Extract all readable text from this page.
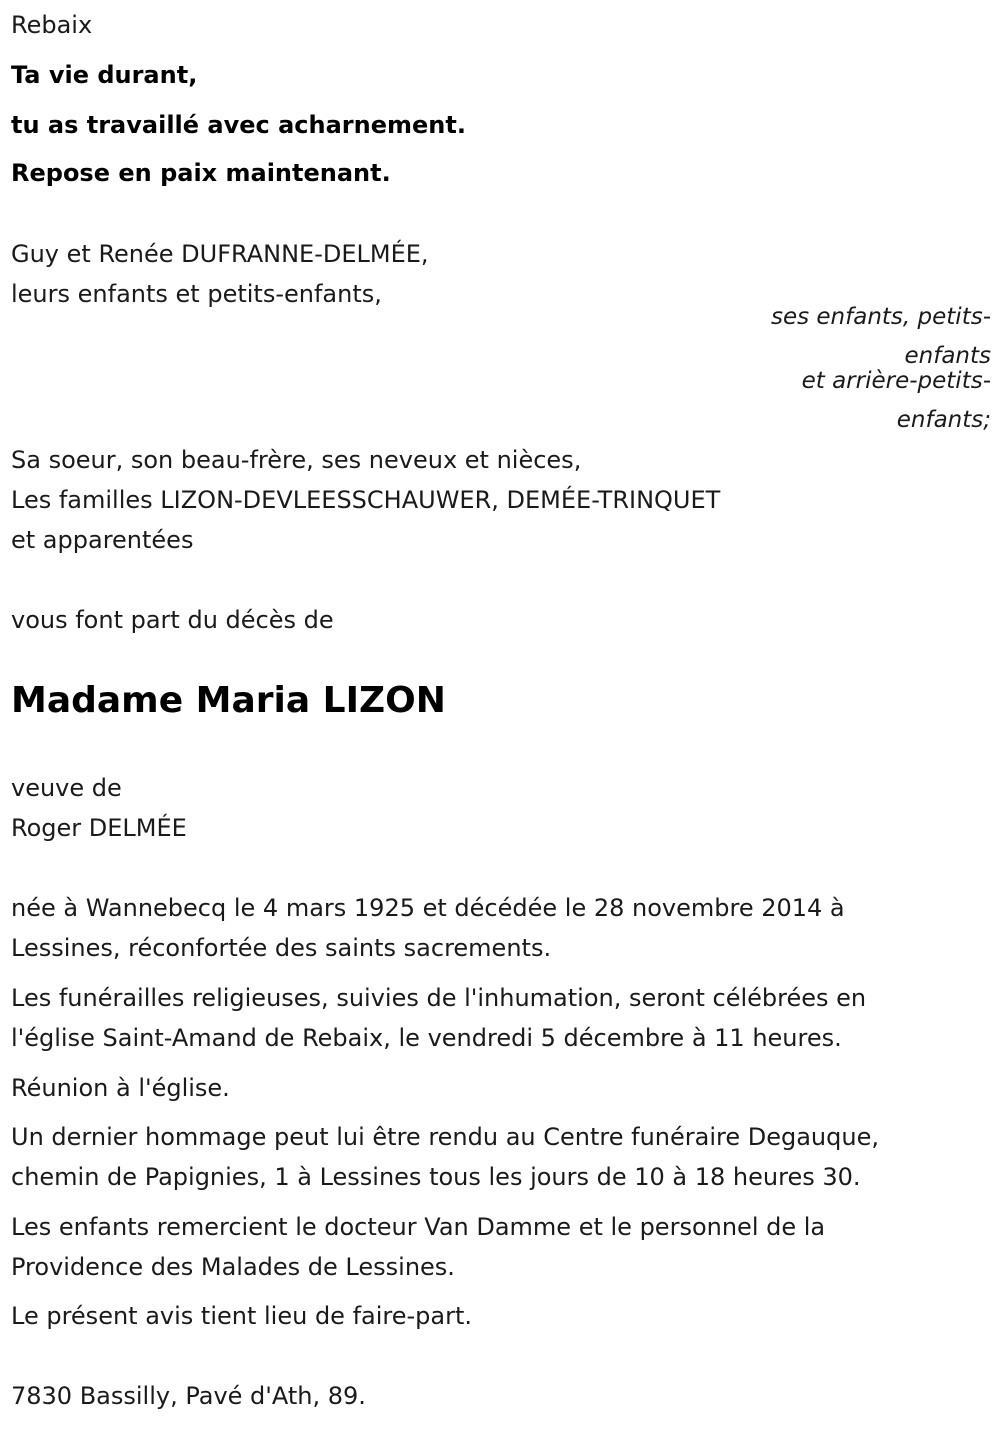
Rebaix
Ta vie durant,
tu as travaillé avec acharnement.
Repose en paix maintenant.
Guy et Renée DUFRANNE-DELMÉE,
leurs enfants et petits-enfants,
ses enfants, petits-
enfants
et arrière-petits-
enfants;
Sa soeur, son beau-frère, ses neveux et nièces,
Les familles LIZON-DEVLEESSCHAUWER, DEMÉE-TRINQUET
et apparentées
vous font part du décès de
Madame Maria LIZON
veuve de
Roger DELMÉE
née à Wannebecq le 4 mars 1925 et décédée le 28 novembre 2014 à
Lessines, réconfortée des saints sacrements.
Les funérailles religieuses, suivies de l'inhumation, seront célébrées en
l'église Saint-Amand de Rebaix, le vendredi 5 décembre à 11 heures.
Réunion à l'église.
Un dernier hommage peut lui être rendu au Centre funéraire Degauque,
chemin de Papignies, 1 à Lessines tous les jours de 10 à 18 heures 30.
Les enfants remercient le docteur Van Damme et le personnel de la
Providence des Malades de Lessines.
Le présent avis tient lieu de faire-part.
7830 Bassilly, Pavé d'Ath, 89.
